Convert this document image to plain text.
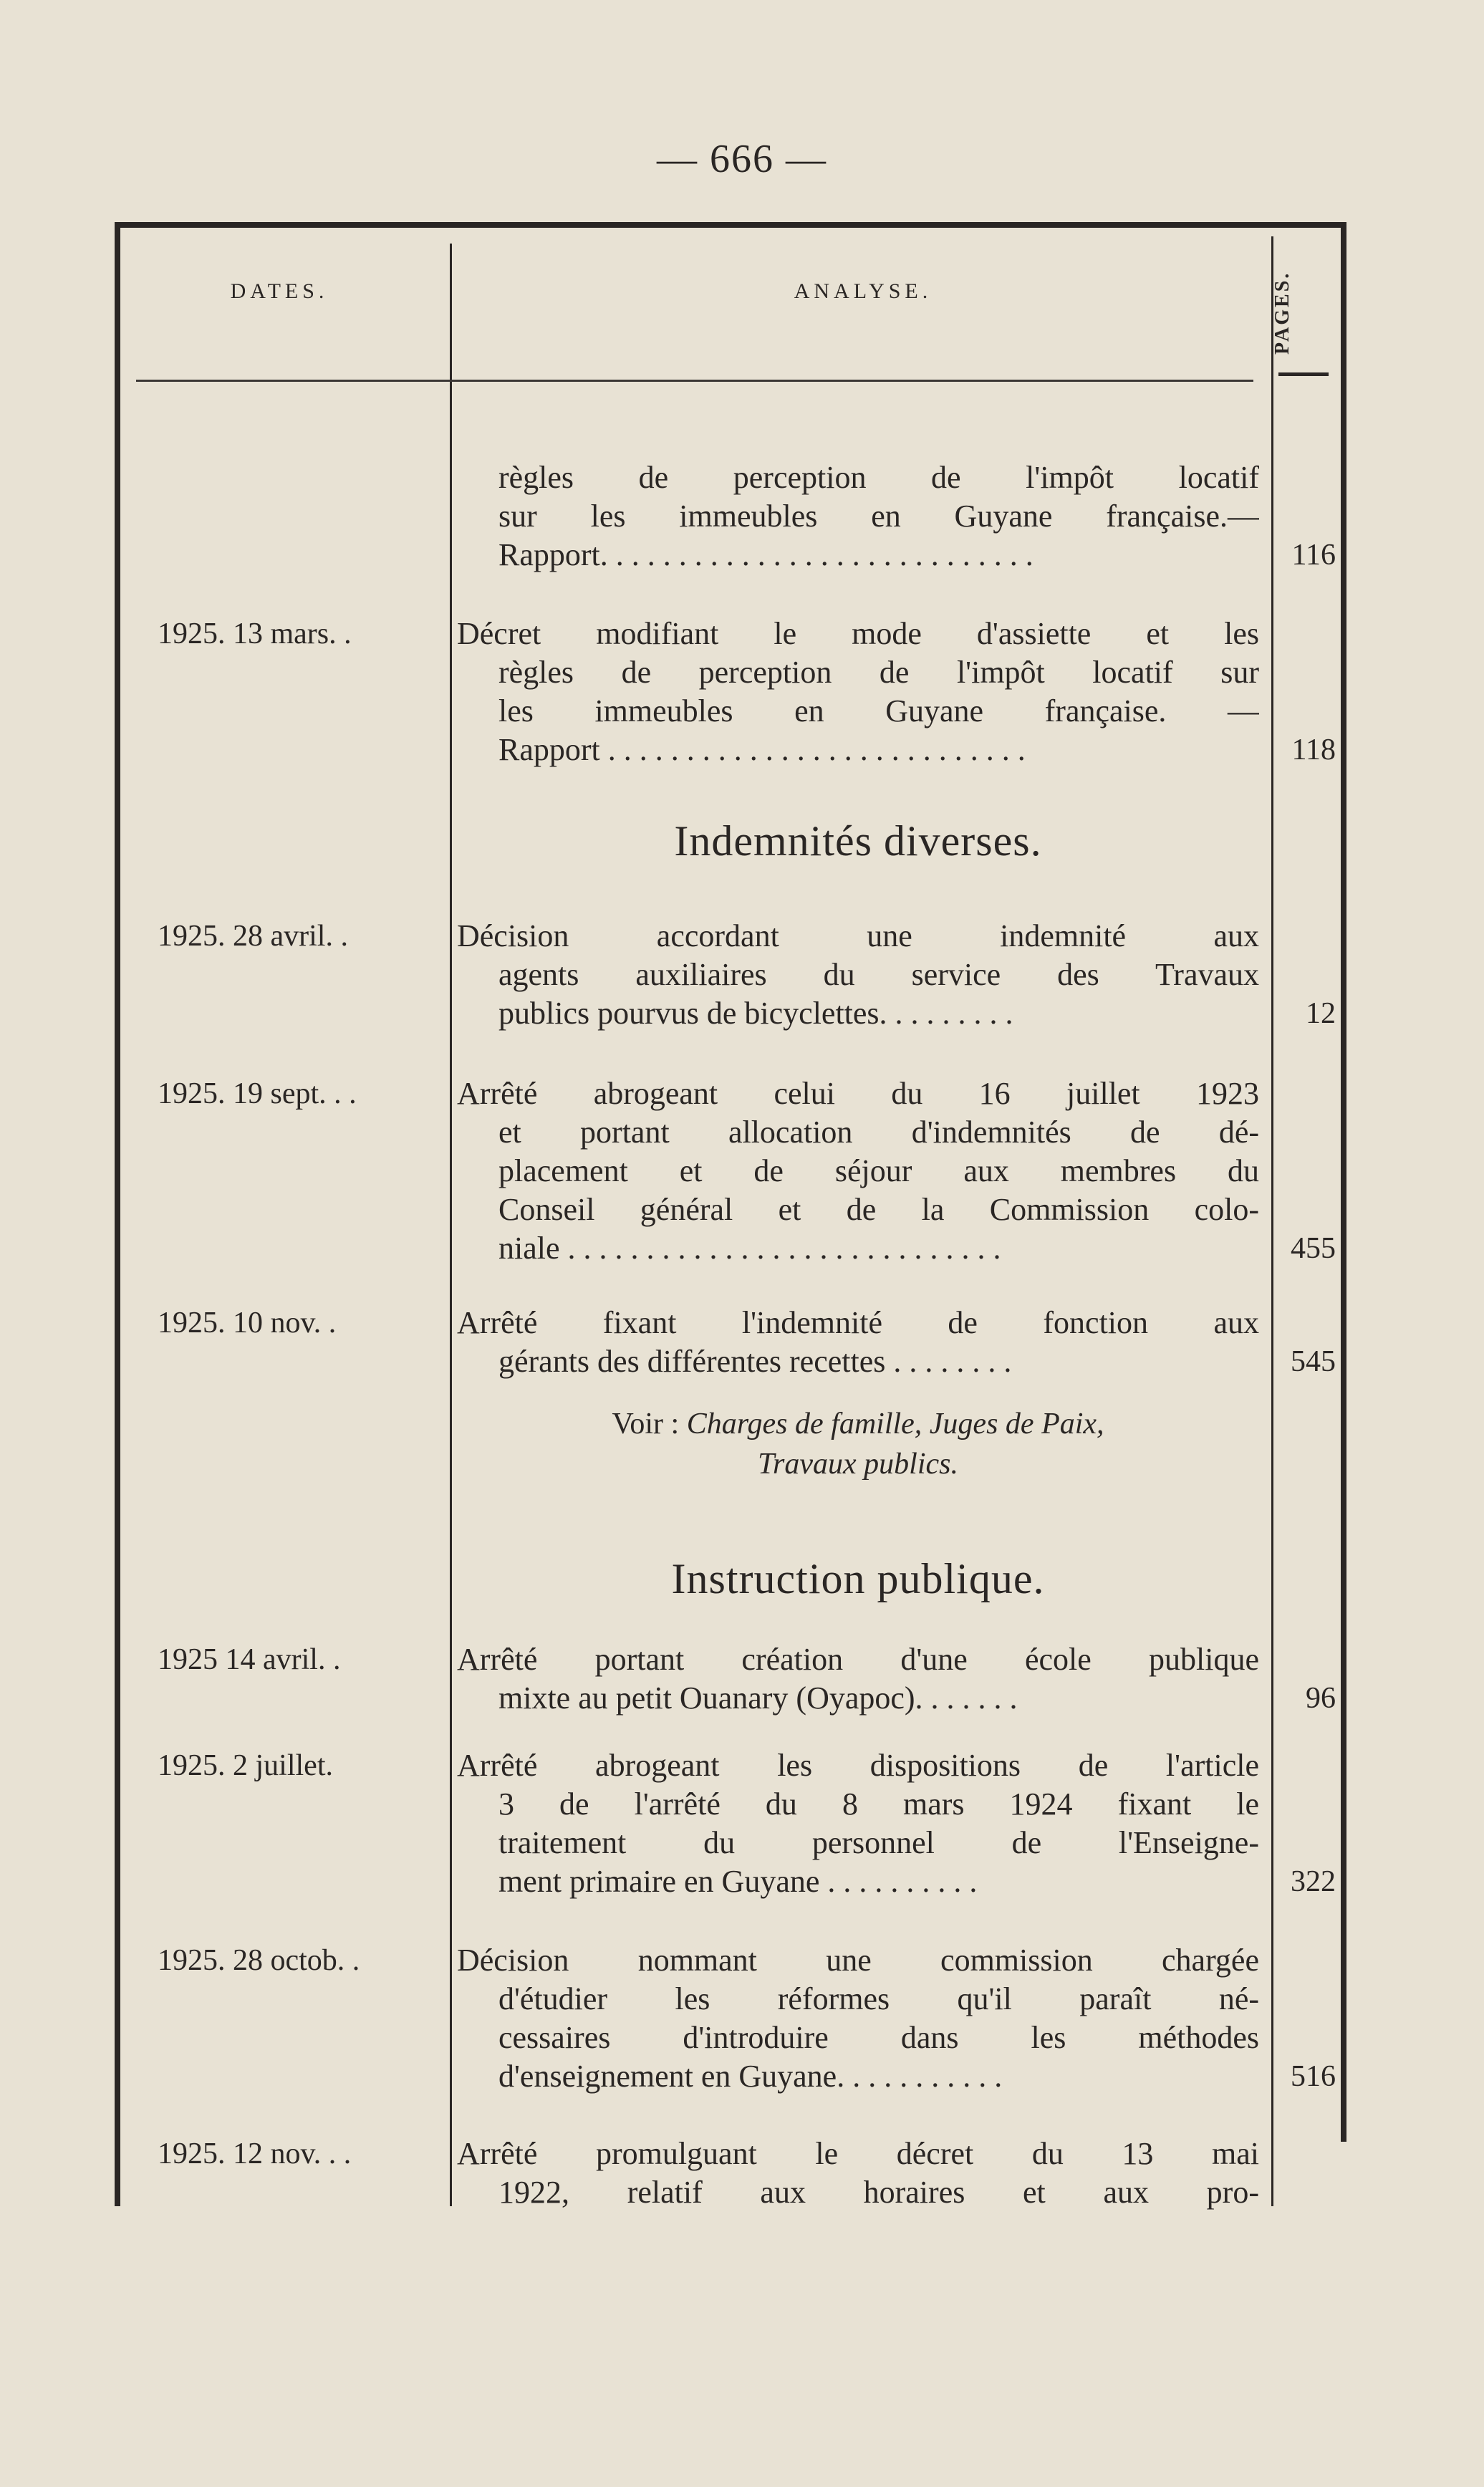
— 666 —
DATES.	ANALYSE.	PAGES.
règles de perception de l'impôt locatif
sur les immeubles en Guyane française.—
Rapport. . . . . . . . . . . . . . . . . . . . . . . . . . . .	116
1925. 13 mars. .	Décret modifiant le mode d'assiette et les
règles de perception de l'impôt locatif sur
les immeubles en Guyane française. —
Rapport . . . . . . . . . . . . . . . . . . . . . . . . . . .	118
Indemnités diverses.
1925. 28 avril. .	Décision accordant une indemnité aux
agents auxiliaires du service des Travaux
publics pourvus de bicyclettes. . . . . . . . .	12
1925. 19 sept. . .	Arrêté abrogeant celui du 16 juillet 1923
et portant allocation d'indemnités de dé-
placement et de séjour aux membres du
Conseil général et de la Commission colo-
niale . . . . . . . . . . . . . . . . . . . . . . . . . . . .	455
1925. 10 nov. .	Arrêté fixant l'indemnité de fonction aux
gérants des différentes recettes . . . . . . . .	545
Voir : Charges de famille, Juges de Paix,
Travaux publics.
Instruction publique.
1925 14 avril. .	Arrêté portant création d'une école publique
mixte au petit Ouanary (Oyapoc). . . . . . .	96
1925. 2 juillet.	Arrêté abrogeant les dispositions de l'article
3 de l'arrêté du 8 mars 1924 fixant le
traitement du personnel de l'Enseigne-
ment primaire en Guyane . . . . . . . . . .	322
1925. 28 octob. .	Décision nommant une commission chargée
d'étudier les réformes qu'il paraît né-
cessaires d'introduire dans les méthodes
d'enseignement en Guyane. . . . . . . . . . .	516
1925. 12 nov. . .	Arrêté promulguant le décret du 13 mai
1922, relatif aux horaires et aux pro-
